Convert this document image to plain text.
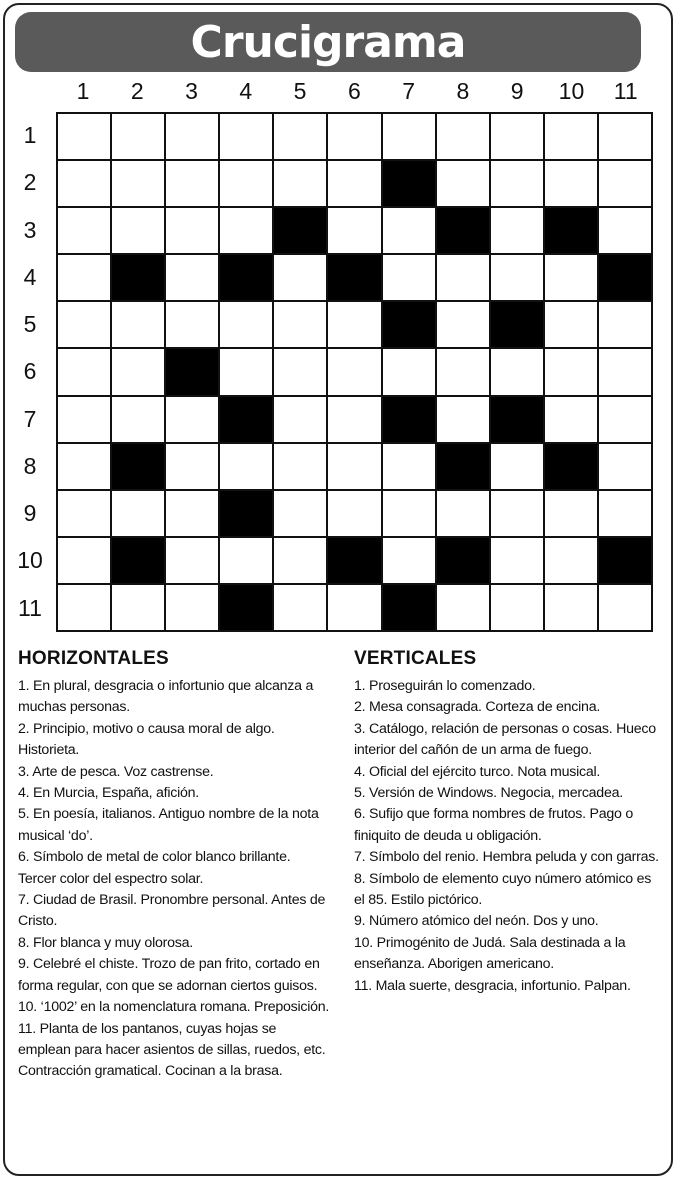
Crucigrama
1	2	3	4	5	6	7	8	9	10	11
1
2
3
4
5
6
7
8
9
10
11
HORIZONTALES

1. En plural, desgracia o infortunio que alcanza a muchas personas.

2. Principio, motivo o causa moral de algo. Historieta.

3. Arte de pesca. Voz castrense.

4. En Murcia, España, afición.

5. En poesía, italianos. Antiguo nombre de la nota musical ‘do’.

6. Símbolo de metal de color blanco brillante. Tercer color del espectro solar.

7. Ciudad de Brasil. Pronombre personal. Antes de Cristo.

8. Flor blanca y muy olorosa.

9. Celebré el chiste. Trozo de pan frito, cortado en forma regular, con que se adornan ciertos guisos.

10. ‘1002’ en la nomenclatura romana. Preposición.

11. Planta de los pantanos, cuyas hojas se emplean para hacer asientos de sillas, ruedos, etc. Contracción gramatical. Cocinan a la brasa.

VERTICALES

1. Proseguirán lo comenzado.

2. Mesa consagrada. Corteza de encina.

3. Catálogo, relación de personas o cosas. Hueco interior del cañón de un arma de fuego.

4. Oficial del ejército turco. Nota musical.

5. Versión de Windows. Negocia, mercadea.

6. Sufijo que forma nombres de frutos. Pago o finiquito de deuda u obligación.

7. Símbolo del renio. Hembra peluda y con garras.

8. Símbolo de elemento cuyo número atómico es el 85. Estilo pictórico.

9. Número atómico del neón. Dos y uno.

10. Primogénito de Judá. Sala destinada a la enseñanza. Aborigen americano.

11. Mala suerte, desgracia, infortunio. Palpan.
